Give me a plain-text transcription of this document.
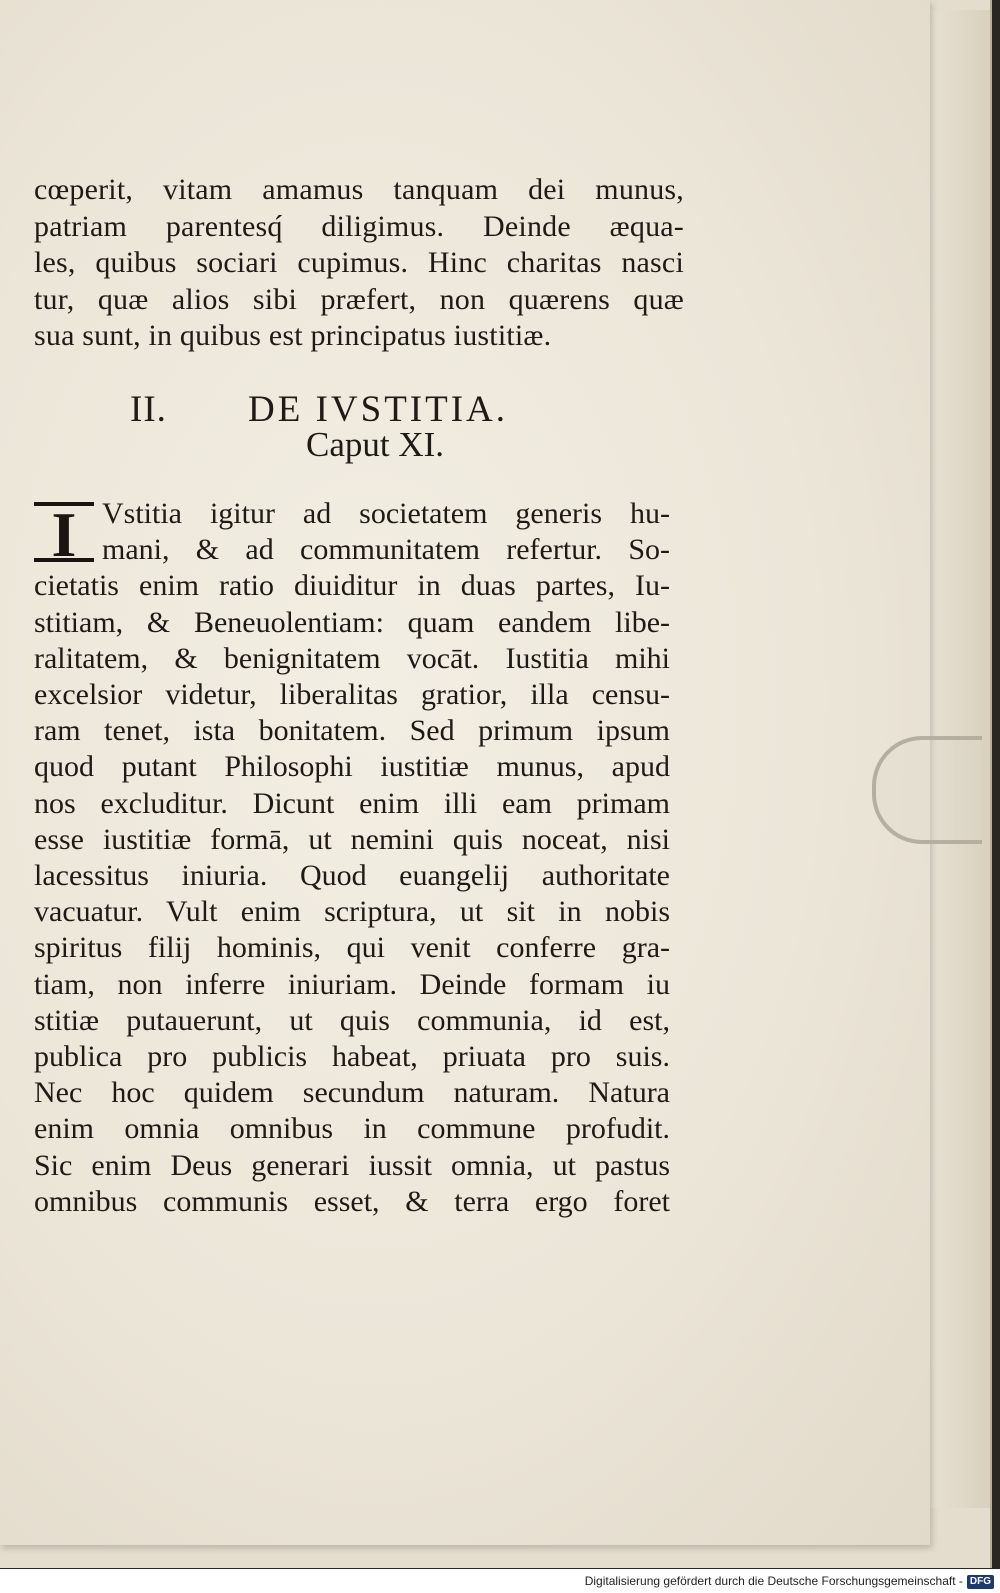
cœperit, vitam amamus tanquam dei munus,
patriam parentesq́ diligimus. Deinde æqua-
les, quibus sociari cupimus. Hinc charitas nasci
tur, quæ alios sibi præfert, non quærens quæ
sua sunt, in quibus est principatus iustitiæ.
II. DE IVSTITIA.
Caput XI.
I Vstitia igitur ad societatem generis hu-
mani, & ad communitatem refertur. So-
cietatis enim ratio diuiditur in duas partes, Iu-
stitiam, & Beneuolentiam: quam eandem libe-
ralitatem, & benignitatem vocāt. Iustitia mihi
excelsior videtur, liberalitas gratior, illa censu-
ram tenet, ista bonitatem. Sed primum ipsum
quod putant Philosophi iustitiæ munus, apud
nos excluditur. Dicunt enim illi eam primam
esse iustitiæ formā, ut nemini quis noceat, nisi
lacessitus iniuria. Quod euangelij authoritate
vacuatur. Vult enim scriptura, ut sit in nobis
spiritus filij hominis, qui venit conferre gra-
tiam, non inferre iniuriam. Deinde formam iu
stitiæ putauerunt, ut quis communia, id est,
publica pro publicis habeat, priuata pro suis.
Nec hoc quidem secundum naturam. Natura
enim omnia omnibus in commune profudit.
Sic enim Deus generari iussit omnia, ut pastus
omnibus communis esset, & terra ergo foret
Digitalisierung gefördert durch die Deutsche Forschungsgemeinschaft - DFG
